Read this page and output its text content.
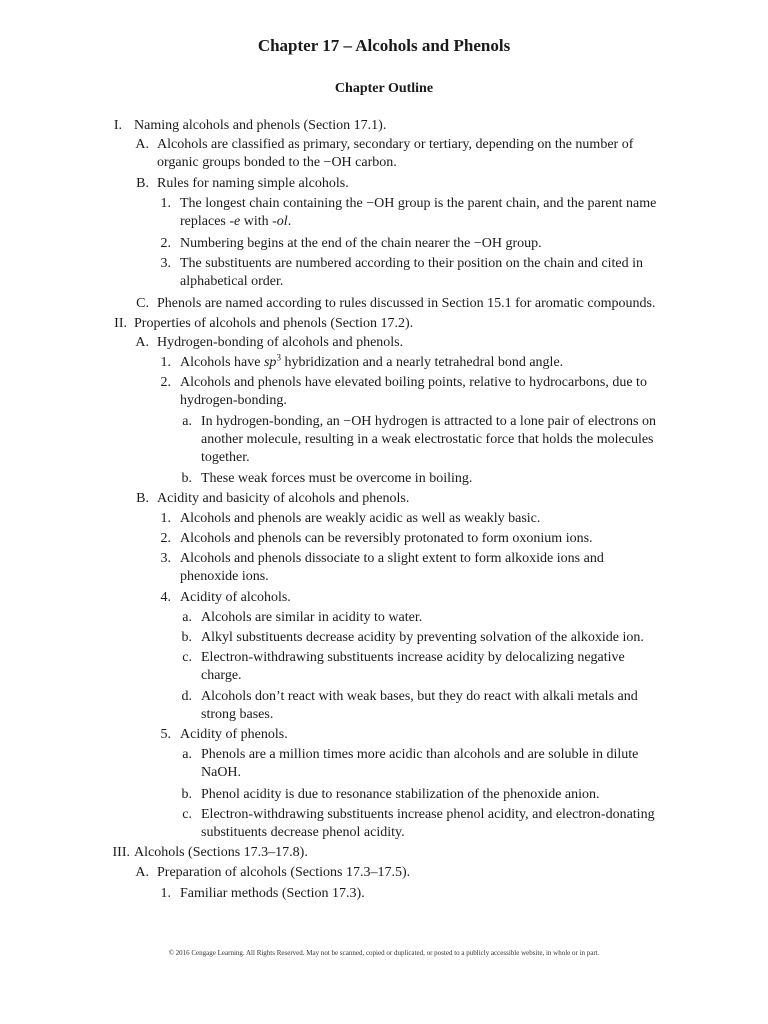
Chapter 17 – Alcohols and Phenols
Chapter Outline
I. Naming alcohols and phenols (Section 17.1).
A. Alcohols are classified as primary, secondary or tertiary, depending on the number of
organic groups bonded to the −OH carbon.
B. Rules for naming simple alcohols.
1. The longest chain containing the −OH group is the parent chain, and the parent name
replaces -e with -ol.
2. Numbering begins at the end of the chain nearer the −OH group.
3. The substituents are numbered according to their position on the chain and cited in
alphabetical order.
C. Phenols are named according to rules discussed in Section 15.1 for aromatic compounds.
II. Properties of alcohols and phenols (Section 17.2).
A. Hydrogen-bonding of alcohols and phenols.
1. Alcohols have $sp^3$ hybridization and a nearly tetrahedral bond angle.
2. Alcohols and phenols have elevated boiling points, relative to hydrocarbons, due to
hydrogen-bonding.
a. In hydrogen-bonding, an −OH hydrogen is attracted to a lone pair of electrons on
another molecule, resulting in a weak electrostatic force that holds the molecules
together.
b. These weak forces must be overcome in boiling.
B. Acidity and basicity of alcohols and phenols.
1. Alcohols and phenols are weakly acidic as well as weakly basic.
2. Alcohols and phenols can be reversibly protonated to form oxonium ions.
3. Alcohols and phenols dissociate to a slight extent to form alkoxide ions and
phenoxide ions.
4. Acidity of alcohols.
a. Alcohols are similar in acidity to water.
b. Alkyl substituents decrease acidity by preventing solvation of the alkoxide ion.
c. Electron-withdrawing substituents increase acidity by delocalizing negative
charge.
d. Alcohols don’t react with weak bases, but they do react with alkali metals and
strong bases.
5. Acidity of phenols.
a. Phenols are a million times more acidic than alcohols and are soluble in dilute
NaOH.
b. Phenol acidity is due to resonance stabilization of the phenoxide anion.
c. Electron-withdrawing substituents increase phenol acidity, and electron-donating
substituents decrease phenol acidity.
III. Alcohols (Sections 17.3–17.8).
A. Preparation of alcohols (Sections 17.3–17.5).
1. Familiar methods (Section 17.3).
© 2016 Cengage Learning. All Rights Reserved. May not be scanned, copied or duplicated, or posted to a publicly accessible website, in whole or in part.
